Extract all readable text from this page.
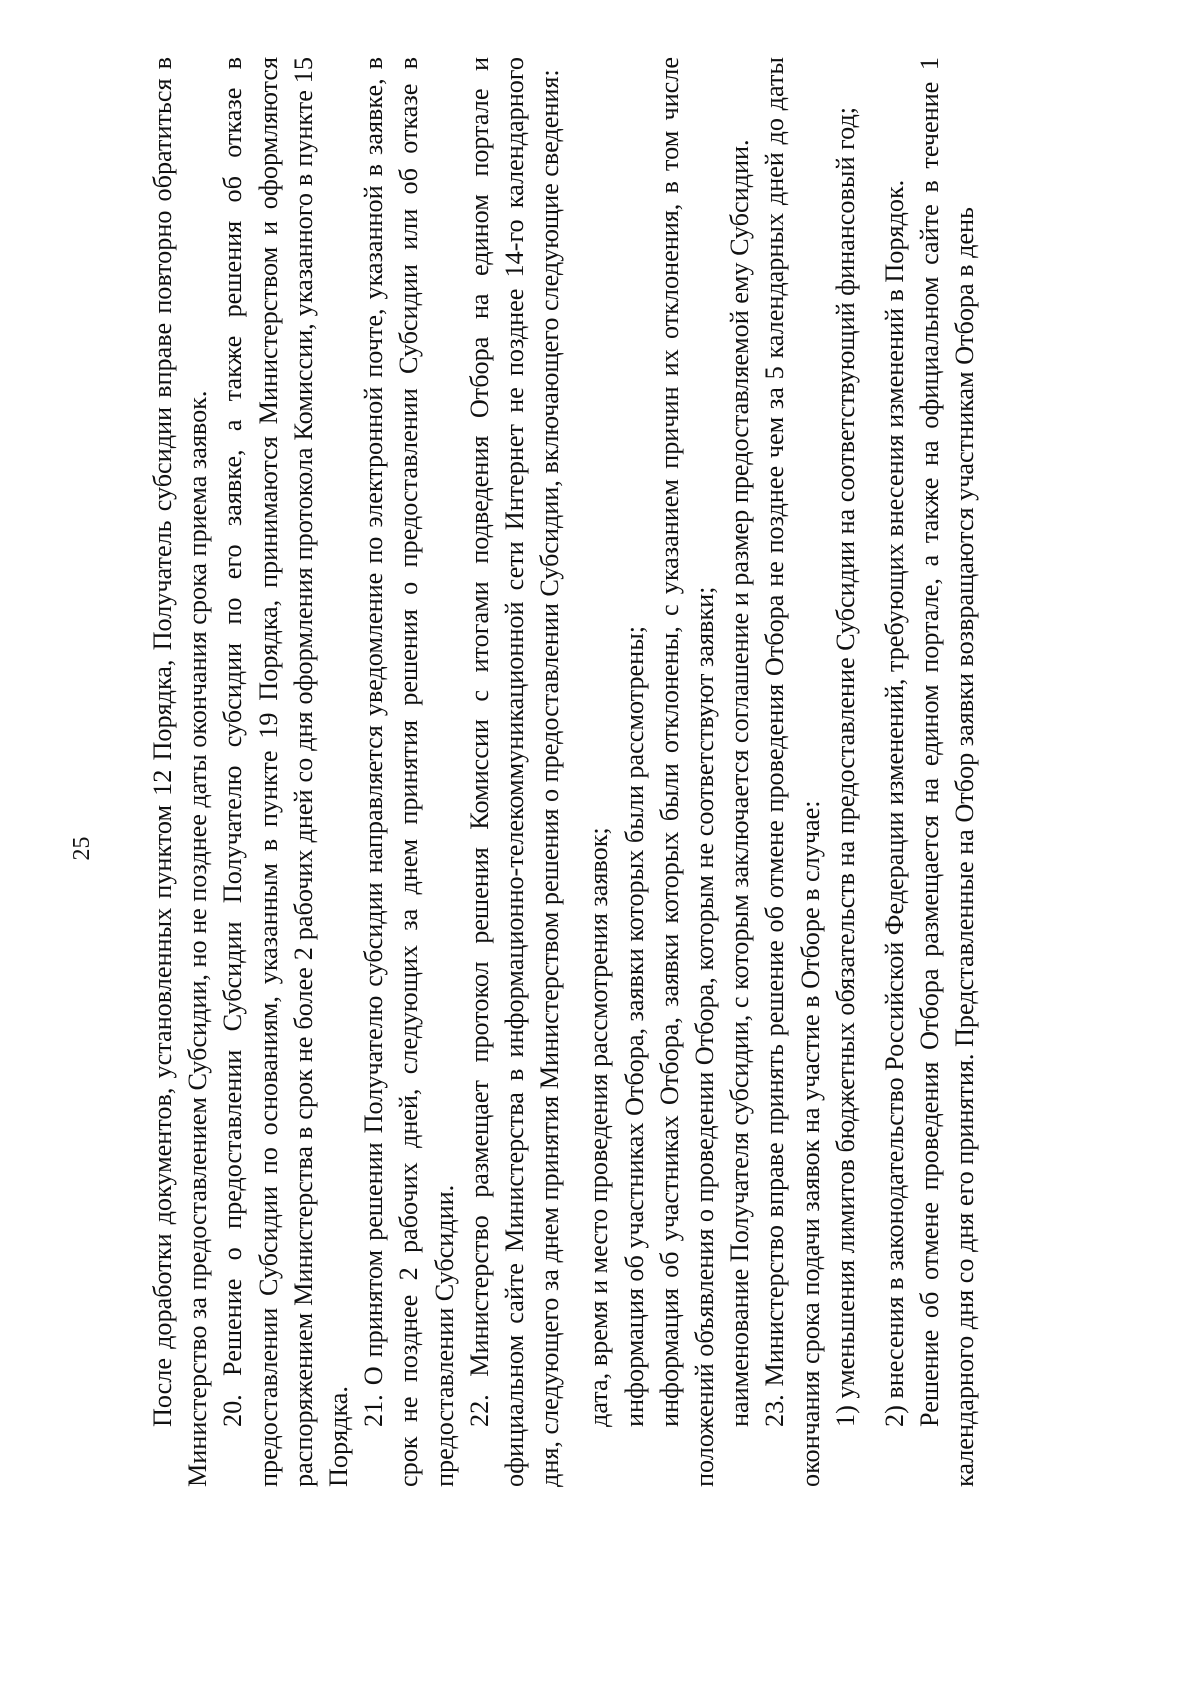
25 После доработки документов, установленных пунктом 12 Порядка, Получатель субсидии вправе повторно обратиться в Министерство за предоставлением Субсидии, но не позднее даты окончания срока приема заявок. 20. Решение о предоставлении Субсидии Получателю субсидии по его заявке, а также решения об отказе в предоставлении Субсидии по основаниям, указанным в пункте 19 Порядка, принимаются Министерством и оформляются распоряжением Министерства в срок не более 2 рабочих дней со дня оформления протокола Комиссии, указанного в пункте 15 Порядка.

21. О принятом решении Получателю субсидии направляется уведомление по электронной почте, указанной в заявке, в срок не позднее 2 рабочих дней, следующих за днем принятия решения о предоставлении Субсидии или об отказе в предоставлении Субсидии. 22. Министерство размещает протокол решения Комиссии с итогами подведения Отбора на едином портале и официальном сайте Министерства в информационно-телекоммуникационной сети Интернет не позднее 14-го календарного дня, следующего за днем принятия Министерством решения о предоставлении Субсидии, включающего следующие сведения: дата, время и место проведения рассмотрения заявок; информация об участниках Отбора, заявки которых были рассмотрены; информация об участниках Отбора, заявки которых были отклонены, с указанием причин их отклонения, в том числе положений объявления о проведении Отбора, которым не соответствуют заявки; наименование Получателя субсидии, с которым заключается соглашение и размер предоставляемой ему Субсидии. 23. Министерство вправе принять решение об отмене проведения Отбора не позднее чем за 5 календарных дней до даты окончания срока подачи заявок на участие в Отборе в случае: 1) уменьшения лимитов бюджетных обязательств на предоставление Субсидии на соответствующий финансовый год; 2) внесения в законодательство Российской Федерации изменений, требующих внесения изменений в Порядок. Решение об отмене проведения Отбора размещается на едином портале, а также на официальном сайте в течение 1 календарного дня со дня его принятия. Представленные на Отбор заявки возвращаются участникам Отбора в день
